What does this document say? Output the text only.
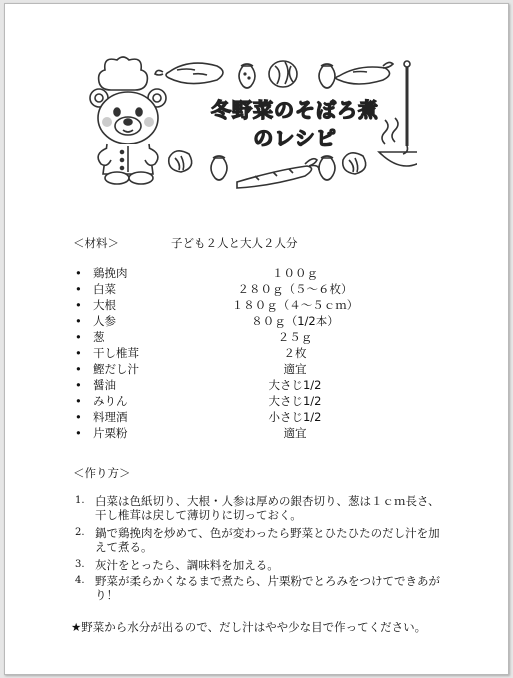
冬野菜のそぼろ煮
のレシピ
＜材料＞	子ども２人と大人２人分
• 鶏挽肉	１００ｇ
• 白菜	２８０ｇ（５～６枚）
• 大根	１８０ｇ（４～５ｃｍ）
• 人参	８０ｇ（1/2本）
• 葱	２５ｇ
• 干し椎茸	２枚
• 鰹だし汁	適宜
• 醤油	大さじ1/2
• みりん	大さじ1/2
• 料理酒	小さじ1/2
• 片栗粉	適宜
＜作り方＞
1. 白菜は色紙切り、大根・人参は厚めの銀杏切り、葱は１ｃｍ長さ、
干し椎茸は戻して薄切りに切っておく。
2. 鍋で鶏挽肉を炒めて、色が変わったら野菜とひたひたのだし汁を加
えて煮る。
3. 灰汁をとったら、調味料を加える。
4. 野菜が柔らかくなるまで煮たら、片栗粉でとろみをつけてできあが
り！
★野菜から水分が出るので、だし汁はやや少な目で作ってください。
